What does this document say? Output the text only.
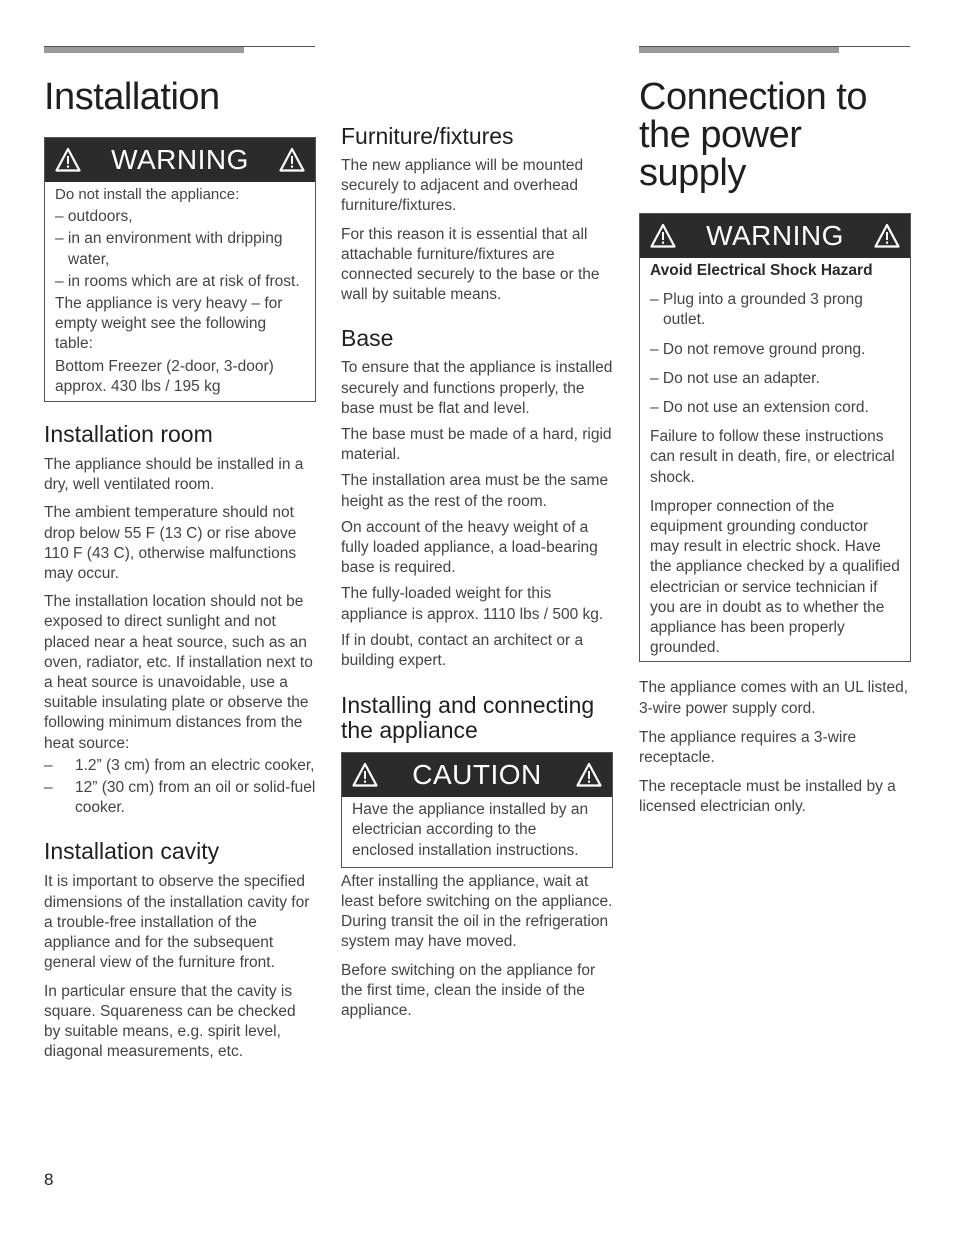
Installation
WARNING

Do not install the appliance:

– outdoors,
– in an environment with dripping water,
– in rooms which are at risk of frost.

The appliance is very heavy – for empty weight see the following table:

Bottom Freezer (2-door, 3-door) approx. 430 lbs / 195 kg

Installation room

The appliance should be installed in a dry, well ventilated room.

The ambient temperature should not drop below 55 F (13 C) or rise above 110 F (43 C), otherwise malfunctions may occur.

The installation location should not be exposed to direct sunlight and not placed near a heat source, such as an oven, radiator, etc. If installation next to a heat source is unavoidable, use a suitable insulating plate or observe the following minimum distances from the heat source:

– 1.2” (3 cm) from an electric cooker,
– 12” (30 cm) from an oil or solid-fuel cooker.
Installation cavity

It is important to observe the specified dimensions of the installation cavity for a trouble-free installation of the appliance and for the subsequent general view of the furniture front.

In particular ensure that the cavity is square. Squareness can be checked by suitable means, e.g. spirit level, diagonal measurements, etc.

8
Furniture/fixtures

The new appliance will be mounted securely to adjacent and overhead furniture/fixtures.

For this reason it is essential that all attachable furniture/fixtures are connected securely to the base or the wall by suitable means.

Base

To ensure that the appliance is installed securely and functions properly, the base must be flat and level.

The base must be made of a hard, rigid material.

The installation area must be the same height as the rest of the room.

On account of the heavy weight of a fully loaded appliance, a load-bearing base is required.

The fully-loaded weight for this appliance is approx. 1110 lbs / 500 kg.

If in doubt, contact an architect or a building expert.

Installing and connecting the appliance
CAUTION

Have the appliance installed by an electrician according to the enclosed installation instructions.

After installing the appliance, wait at least before switching on the appliance. During transit the oil in the refrigeration system may have moved.

Before switching on the appliance for the first time, clean the inside of the appliance.

Connection to the power supply
WARNING

Avoid Electrical Shock Hazard

– Plug into a grounded 3 prong outlet.
– Do not remove ground prong.
– Do not use an adapter.
– Do not use an extension cord.

Failure to follow these instructions can result in death, fire, or electrical shock.

Improper connection of the equipment grounding conductor may result in electric shock. Have the appliance checked by a qualified electrician or service technician if you are in doubt as to whether the appliance has been properly grounded.

The appliance comes with an UL listed, 3-wire power supply cord.

The appliance requires a 3-wire receptacle.

The receptacle must be installed by a licensed electrician only.
